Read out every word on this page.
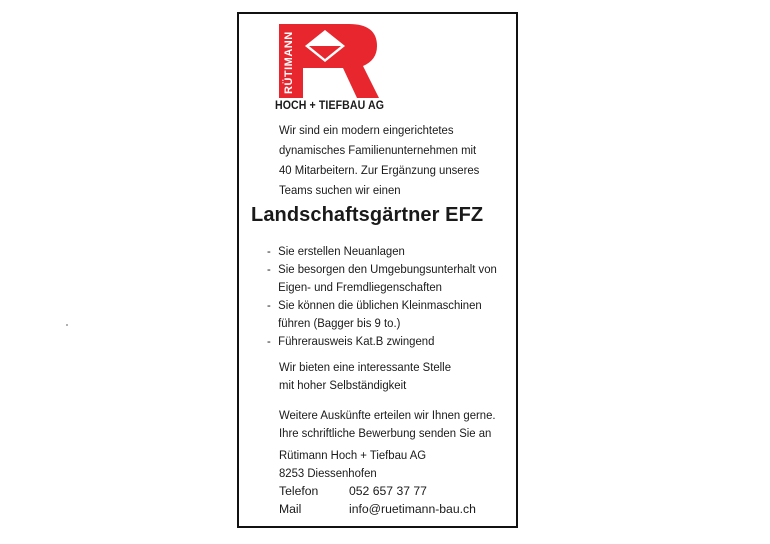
RÜTIMANN
HOCH + TIEFBAU AG
Wir sind ein modern eingerichtetes
dynamisches Familienunternehmen mit
40 Mitarbeitern. Zur Ergänzung unseres
Teams suchen wir einen
Landschaftsgärtner EFZ
- Sie erstellen Neuanlagen
- Sie besorgen den Umgebungsunterhalt von
Eigen- und Fremdliegenschaften
- Sie können die üblichen Kleinmaschinen
führen (Bagger bis 9 to.)
- Führerausweis Kat.B zwingend
Wir bieten eine interessante Stelle
mit hoher Selbständigkeit
Weitere Auskünfte erteilen wir Ihnen gerne.
Ihre schriftliche Bewerbung senden Sie an
Rütimann Hoch + Tiefbau AG
8253 Diessenhofen
Telefon	052 657 37 77
Mail	info@ruetimann-bau.ch
